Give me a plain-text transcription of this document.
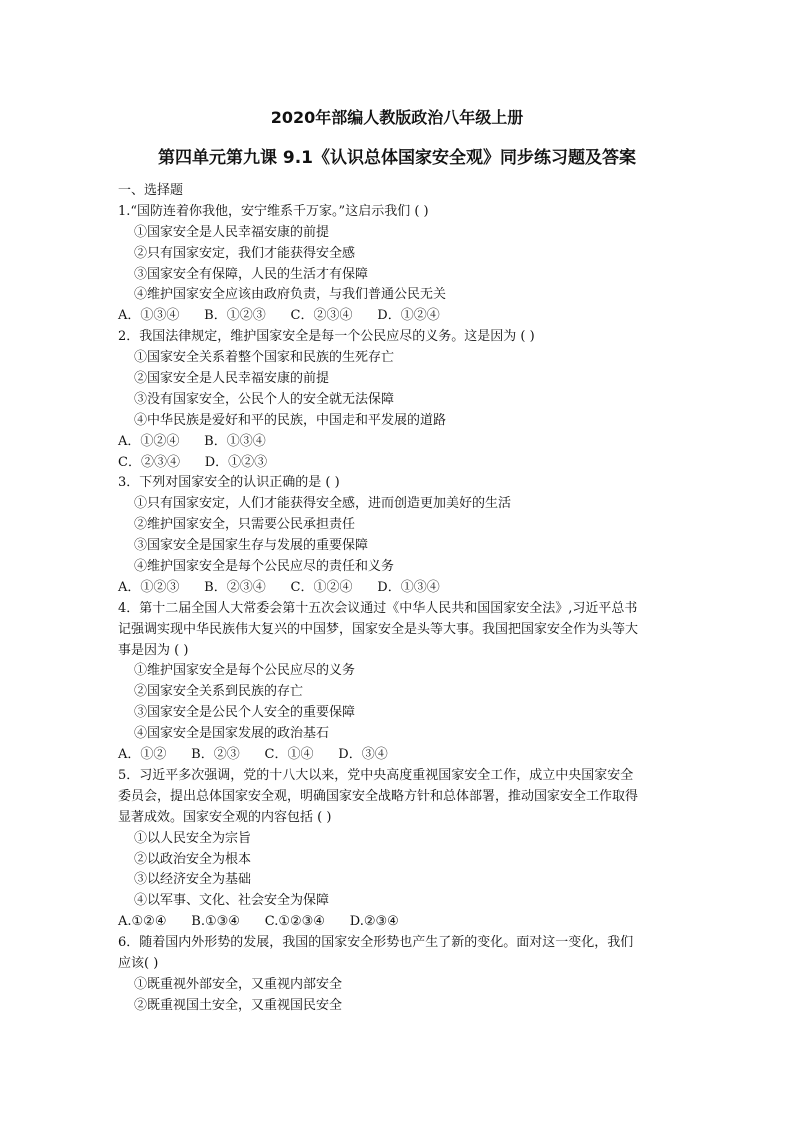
2020年部编人教版政治八年级上册
第四单元第九课 9.1《认识总体国家安全观》同步练习题及答案
一、选择题
1.“国防连着你我他，安宁维系千万家。”这启示我们 ( )
①国家安全是人民幸福安康的前提
②只有国家安定，我们才能获得安全感
③国家安全有保障，人民的生活才有保障
④维护国家安全应该由政府负责，与我们普通公民无关
A．①③④      B．①②③      C．②③④      D．①②④
2．我国法律规定，维护国家安全是每一个公民应尽的义务。这是因为 ( )
①国家安全关系着整个国家和民族的生死存亡
②国家安全是人民幸福安康的前提
③没有国家安全，公民个人的安全就无法保障
④中华民族是爱好和平的民族，中国走和平发展的道路
A．①②④      B．①③④
C．②③④      D．①②③
3．下列对国家安全的认识正确的是 ( )
①只有国家安定，人们才能获得安全感，进而创造更加美好的生活
②维护国家安全，只需要公民承担责任
③国家安全是国家生存与发展的重要保障
④维护国家安全是每个公民应尽的责任和义务
A．①②③      B．②③④      C．①②④      D．①③④
4．第十二届全国人大常委会第十五次会议通过《中华人民共和国国家安全法》,习近平总书
记强调实现中华民族伟大复兴的中国梦，国家安全是头等大事。我国把国家安全作为头等大
事是因为 ( )
①维护国家安全是每个公民应尽的义务
②国家安全关系到民族的存亡
③国家安全是公民个人安全的重要保障
④国家安全是国家发展的政治基石
A．①②      B．②③      C．①④      D．③④
5．习近平多次强调，党的十八大以来，党中央高度重视国家安全工作，成立中央国家安全
委员会，提出总体国家安全观，明确国家安全战略方针和总体部署，推动国家安全工作取得
显著成效。国家安全观的内容包括 ( )
①以人民安全为宗旨
②以政治安全为根本
③以经济安全为基础
④以军事、文化、社会安全为保障
A.①②④      B.①③④      C.①②③④      D.②③④
6．随着国内外形势的发展，我国的国家安全形势也产生了新的变化。面对这一变化，我们
应该( )
①既重视外部安全，又重视内部安全
②既重视国土安全，又重视国民安全
